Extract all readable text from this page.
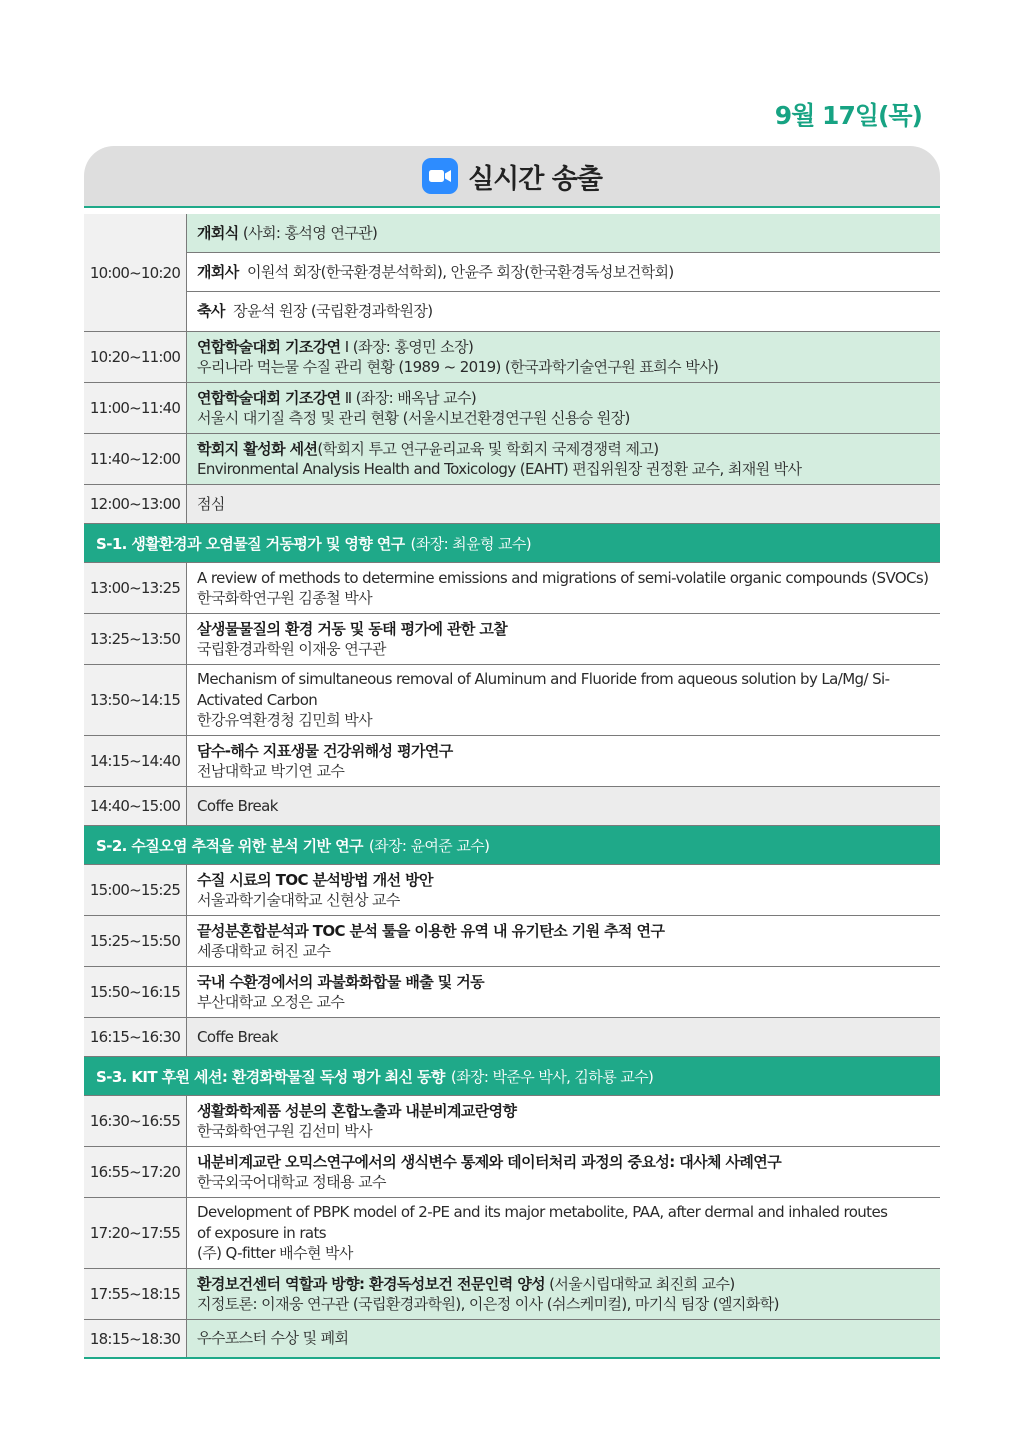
9월 17일(목)
실시간 송출
10:00~10:20
개회식 (사회: 홍석영 연구관)
개회사 이원석 회장(한국환경분석학회), 안윤주 회장(한국환경독성보건학회)
축사 장윤석 원장 (국립환경과학원장)
10:20~11:00
연합학술대회 기조강연 Ⅰ (좌장: 홍영민 소장)
우리나라 먹는물 수질 관리 현황 (1989 ~ 2019) (한국과학기술연구원 표희수 박사)
11:00~11:40
연합학술대회 기조강연 Ⅱ (좌장: 배옥남 교수)
서울시 대기질 측정 및 관리 현황 (서울시보건환경연구원 신용승 원장)
11:40~12:00
학회지 활성화 세션(학회지 투고 연구윤리교육 및 학회지 국제경쟁력 제고)
Environmental Analysis Health and Toxicology (EAHT) 편집위원장 권정환 교수, 최재원 박사
12:00~13:00	점심
S-1. 생활환경과 오염물질 거동평가 및 영향 연구 (좌장: 최윤형 교수)
13:00~13:25
A review of methods to determine emissions and migrations of semi-volatile organic compounds (SVOCs)
한국화학연구원 김종철 박사
13:25~13:50
살생물물질의 환경 거동 및 동태 평가에 관한 고찰
국립환경과학원 이재웅 연구관
13:50~14:15
Mechanism of simultaneous removal of Aluminum and Fluoride from aqueous solution by La/Mg/ Si-Activated Carbon
한강유역환경청 김민희 박사
14:15~14:40
담수-해수 지표생물 건강위해성 평가연구
전남대학교 박기연 교수
14:40~15:00	Coffe Break
S-2. 수질오염 추적을 위한 분석 기반 연구 (좌장: 윤여준 교수)
15:00~15:25
수질 시료의 TOC 분석방법 개선 방안
서울과학기술대학교 신현상 교수
15:25~15:50
끝성분혼합분석과 TOC 분석 툴을 이용한 유역 내 유기탄소 기원 추적 연구
세종대학교 허진 교수
15:50~16:15
국내 수환경에서의 과불화화합물 배출 및 거동
부산대학교 오정은 교수
16:15~16:30	Coffe Break
S-3. KIT 후원 세션: 환경화학물질 독성 평가 최신 동향 (좌장: 박준우 박사, 김하룡 교수)
16:30~16:55
생활화학제품 성분의 혼합노출과 내분비계교란영향
한국화학연구원 김선미 박사
16:55~17:20
내분비계교란 오믹스연구에서의 생식변수 통제와 데이터처리 과정의 중요성: 대사체 사례연구
한국외국어대학교 정태용 교수
17:20~17:55
Development of PBPK model of 2-PE and its major metabolite, PAA, after dermal and inhaled routes of exposure in rats
(주) Q-fitter 배수현 박사
17:55~18:15
환경보건센터 역할과 방향: 환경독성보건 전문인력 양성 (서울시립대학교 최진희 교수)
지정토론: 이재웅 연구관 (국립환경과학원), 이은정 이사 (쉬스케미컬), 마기식 팀장 (엘지화학)
18:15~18:30	우수포스터 수상 및 폐회
